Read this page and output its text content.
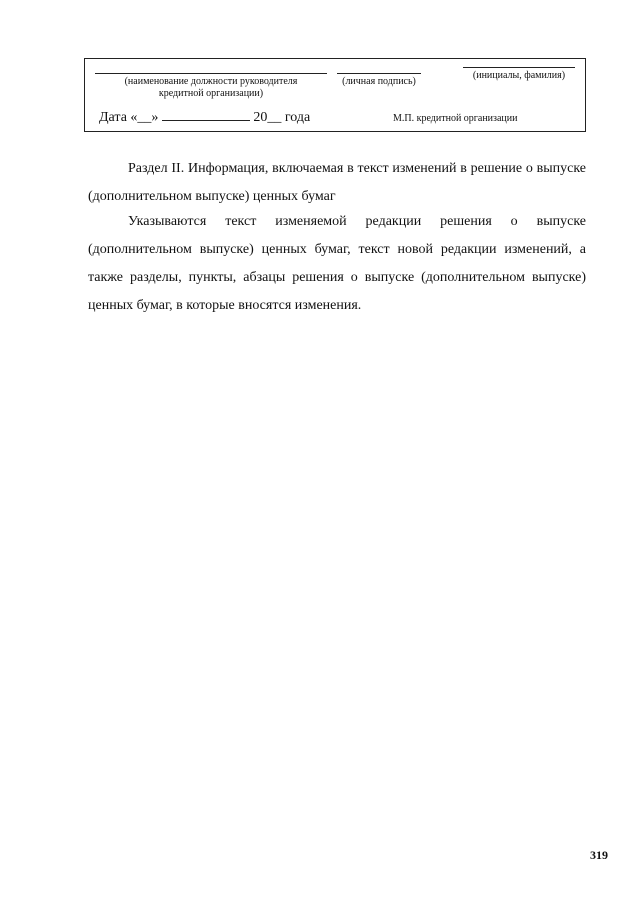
(наименование должности руководителя
кредитной организации)
(личная подпись)
(инициалы, фамилия)
Дата «__»	20__ года	М.П. кредитной организации

Раздел II. Информация, включаемая в текст изменений в решение о выпуске (дополнительном выпуске) ценных бумаг

Указываются текст изменяемой редакции решения о выпуске (дополнительном выпуске) ценных бумаг, текст новой редакции изменений, а также разделы, пункты, абзацы решения о выпуске (дополнительном выпуске) ценных бумаг, в которые вносятся изменения.

319
